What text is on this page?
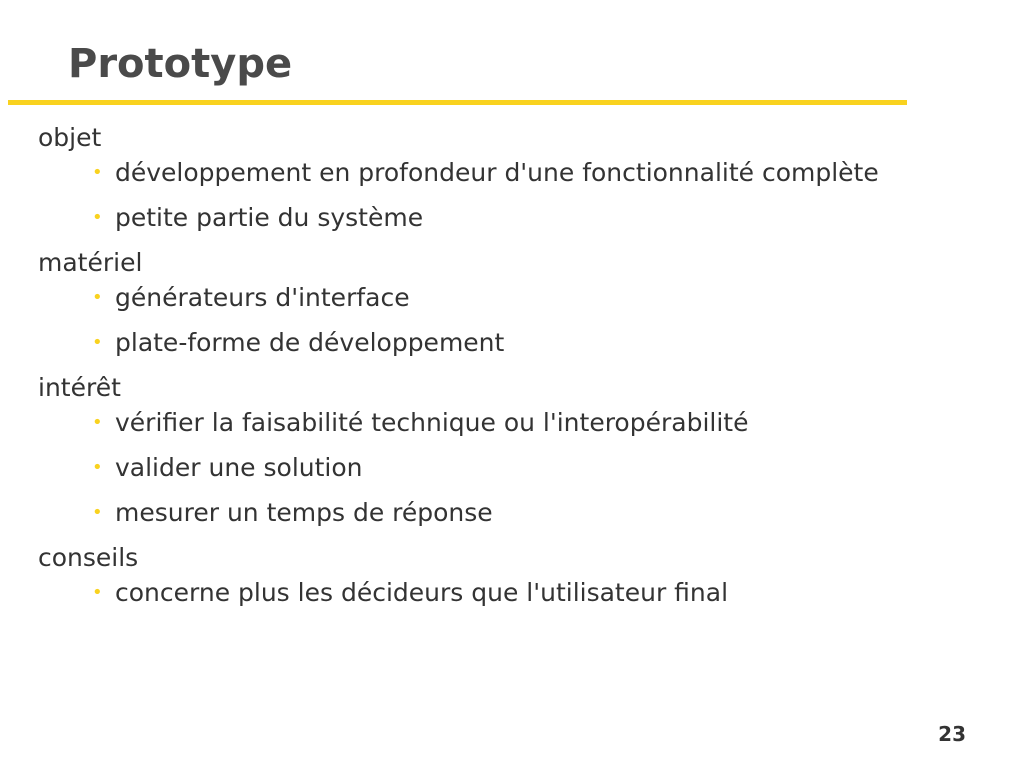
Prototype
objet
• développement en profondeur d'une fonctionnalité complète
• petite partie du système
matériel
• générateurs d'interface
• plate-forme de développement
intérêt
• vérifier la faisabilité technique ou l'interopérabilité
• valider une solution
• mesurer un temps de réponse
conseils
• concerne plus les décideurs que l'utilisateur final
23
